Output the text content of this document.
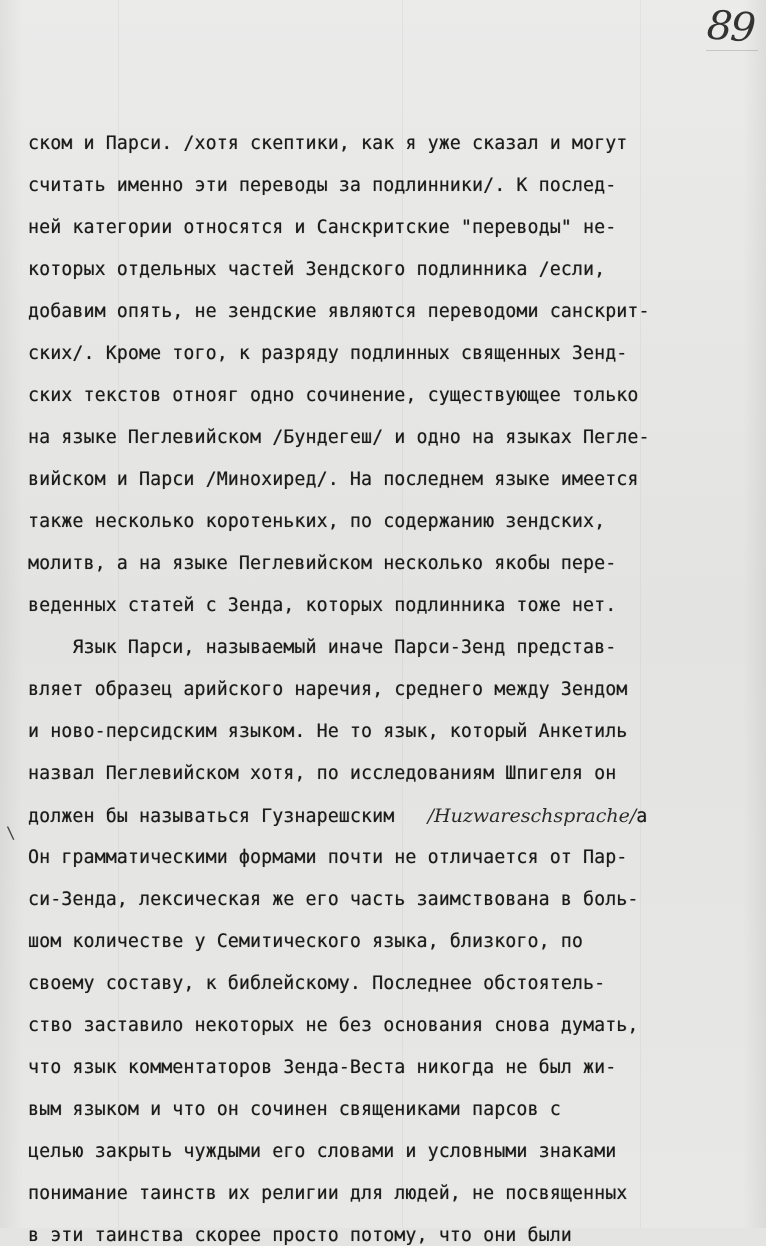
89
\
ском и Парси. /хотя скептики, как я уже сказал и могут
считать именно эти переводы за подлинники/. К послед-
ней категории относятся и Санскритские "переводы" не-
которых отдельных частей Зендского подлинника /если,
добавим опять, не зендские являются переводоми санскрит-
ских/. Кроме того, к разряду подлинных священных Зенд-
ских текстов отнояг одно сочинение, существующее только
на языке Пеглевийском /Бундегеш/ и одно на языках Пегле-
вийском и Парси /Минохиред/. На последнем языке имеется
также несколько коротеньких, по содержанию зендских,
молитв, а на языке Пеглевийском несколько якобы пере-
веденных статей с Зенда, которых подлинника тоже нет.
Язык Парси, называемый иначе Парси-Зенд представ-
вляет образец арийского наречия, среднего между Зендом
и ново-персидским языком. Не то язык, который Анкетиль
назвал Пеглевийском хотя, по исследованиям Шпигеля он
должен бы называться Гузнарешским /Huzwareschsprache/а
Он грамматическими формами почти не отличается от Пар-
си-Зенда, лексическая же его часть заимствована в боль-
шом количестве у Семитического языка, близкого, по
своему составу, к библейскому. Последнее обстоятель-
ство заставило некоторых не без основания снова думать,
что язык комментаторов Зенда-Веста никогда не был жи-
вым языком и что он сочинен священиками парсов с
целью закрыть чуждыми его словами и условными знаками
понимание таинств их религии для людей, не посвященных
в эти таинства скорее просто потому, что они были
